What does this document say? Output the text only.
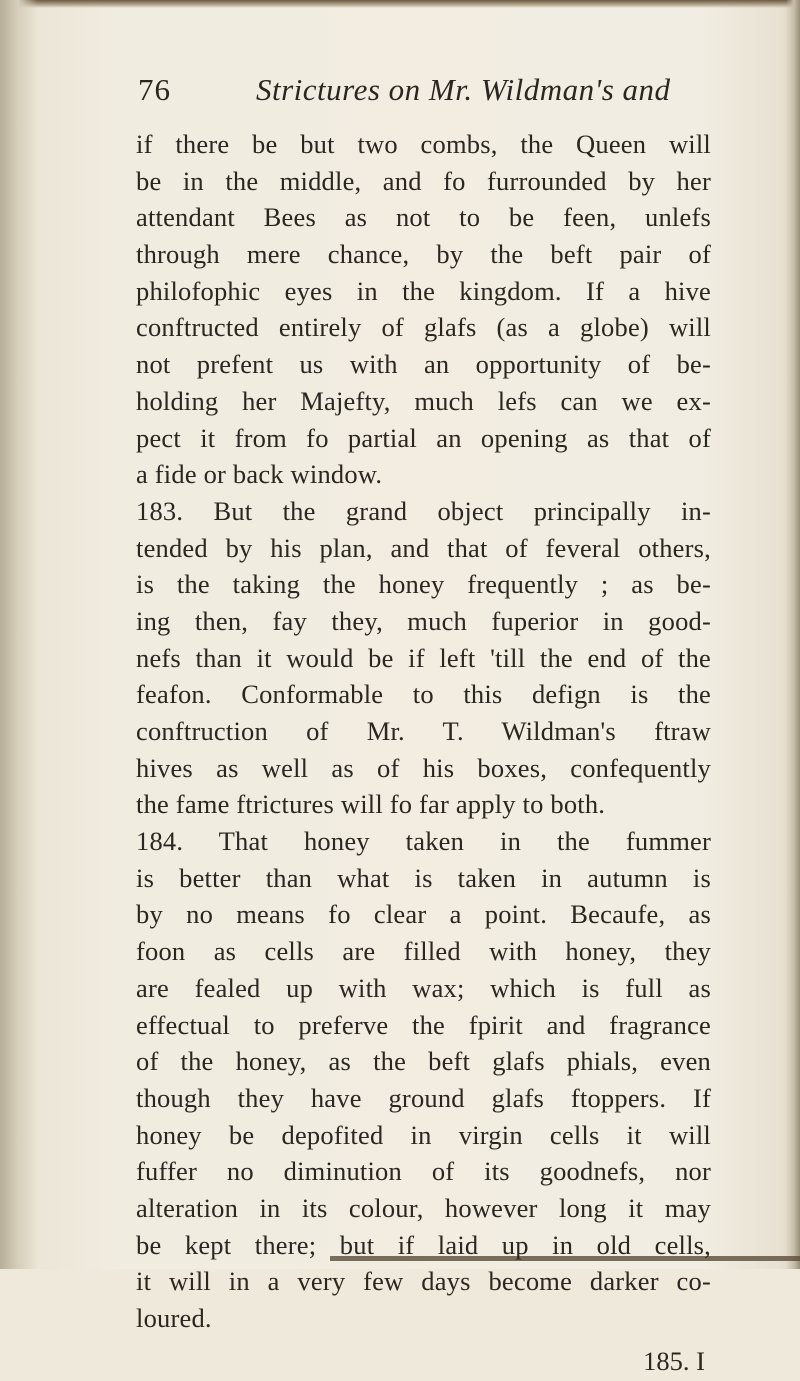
76	Strictures on Mr. Wildman's and
if there be but two combs, the Queen will
be in the middle, and fo furrounded by her
attendant Bees as not to be feen, unlefs
through mere chance, by the beft pair of
philofophic eyes in the kingdom. If a hive
conftructed entirely of glafs (as a globe) will
not prefent us with an opportunity of be-
holding her Majefty, much lefs can we ex-
pect it from fo partial an opening as that of
a fide or back window.
183. But the grand object principally in-
tended by his plan, and that of feveral others,
is the taking the honey frequently ; as be-
ing then, fay they, much fuperior in good-
nefs than it would be if left 'till the end of the
feafon. Conformable to this defign is the
conftruction of Mr. T. Wildman's ftraw
hives as well as of his boxes, confequently
the fame ftrictures will fo far apply to both.
184. That honey taken in the fummer
is better than what is taken in autumn is
by no means fo clear a point. Becaufe, as
foon as cells are filled with honey, they
are fealed up with wax; which is full as
effectual to preferve the fpirit and fragrance
of the honey, as the beft glafs phials, even
though they have ground glafs ftoppers. If
honey be depofited in virgin cells it will
fuffer no diminution of its goodnefs, nor
alteration in its colour, however long it may
be kept there; but if laid up in old cells,
it will in a very few days become darker co-
loured.
185. I
